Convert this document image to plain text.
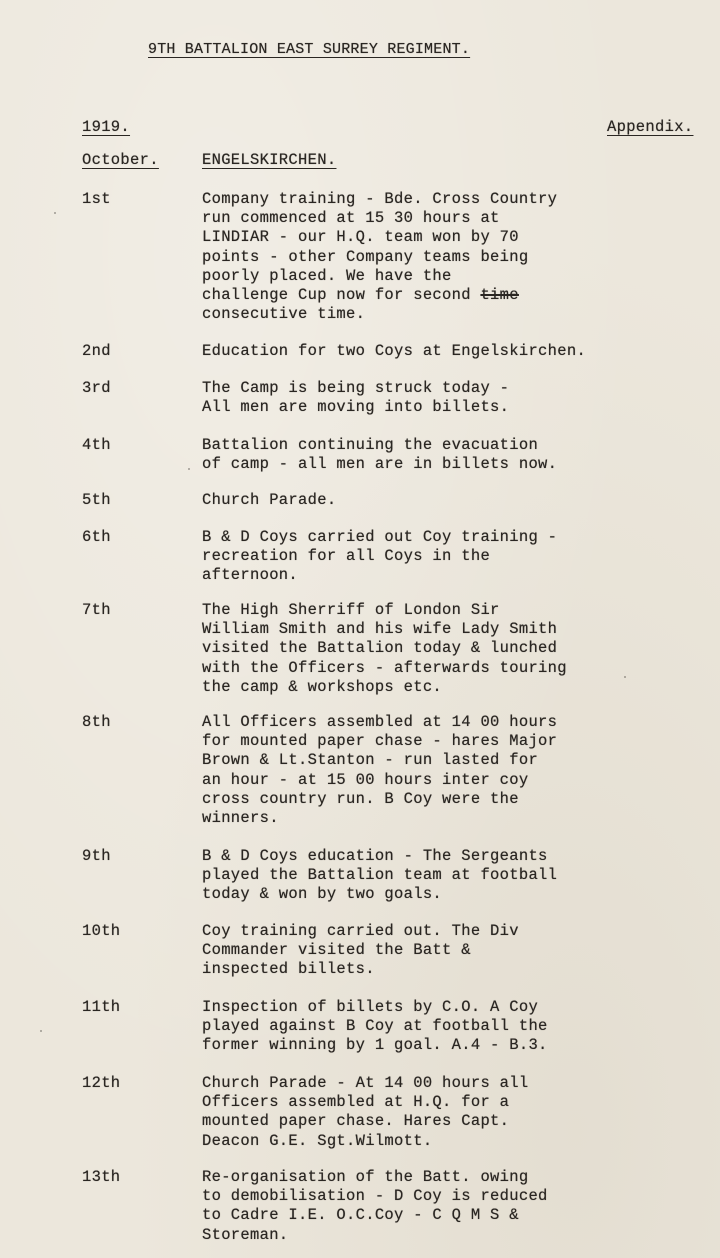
9TH BATTALION EAST SURREY REGIMENT.
1919.	Appendix.
October.	ENGELSKIRCHEN.
1st	Company training - Bde. Cross Country
run commenced at 15 30 hours at
LINDIAR - our H.Q. team won by 70
points - other Company teams being
poorly placed. We have the
challenge Cup now for second time
consecutive time.
2nd	Education for two Coys at Engelskirchen.
3rd	The Camp is being struck today -
All men are moving into billets.
4th	Battalion continuing the evacuation
of camp - all men are in billets now.
5th	Church Parade.
6th	B & D Coys carried out Coy training -
recreation for all Coys in the
afternoon.
7th	The High Sherriff of London Sir
William Smith and his wife Lady Smith
visited the Battalion today & lunched
with the Officers - afterwards touring
the camp & workshops etc.
8th	All Officers assembled at 14 00 hours
for mounted paper chase - hares Major
Brown & Lt.Stanton - run lasted for
an hour - at 15 00 hours inter coy
cross country run. B Coy were the
winners.
9th	B & D Coys education - The Sergeants
played the Battalion team at football
today & won by two goals.
10th	Coy training carried out. The Div
Commander visited the Batt &
inspected billets.
11th	Inspection of billets by C.O. A Coy
played against B Coy at football the
former winning by 1 goal. A.4 - B.3.
12th	Church Parade - At 14 00 hours all
Officers assembled at H.Q. for a
mounted paper chase. Hares Capt.
Deacon G.E. Sgt.Wilmott.
13th	Re-organisation of the Batt. owing
to demobilisation - D Coy is reduced
to Cadre I.E. O.C.Coy - C Q M S &
Storeman.
